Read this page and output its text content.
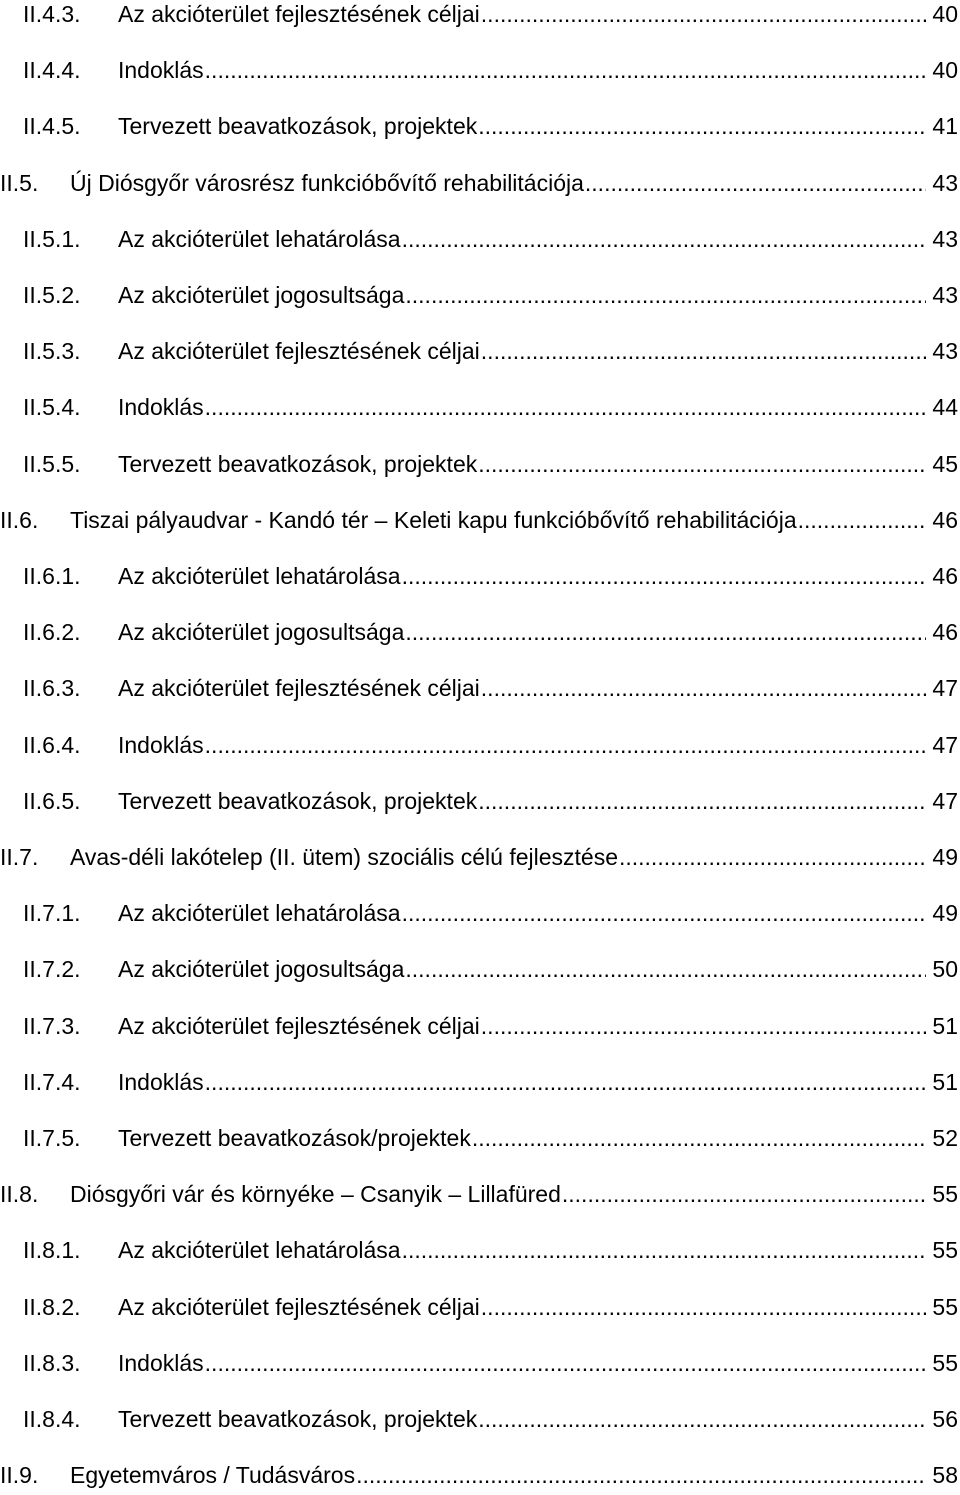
II.4.3. Az akcióterület fejlesztésének céljai .....	40
II.4.4. Indoklás .....	40
II.4.5. Tervezett beavatkozások, projektek .....	41
II.5. Új Diósgyőr városrész funkcióbővítő rehabilitációja .....	43
II.5.1. Az akcióterület lehatárolása .....	43
II.5.2. Az akcióterület jogosultsága .....	43
II.5.3. Az akcióterület fejlesztésének céljai .....	43
II.5.4. Indoklás .....	44
II.5.5. Tervezett beavatkozások, projektek .....	45
II.6. Tiszai pályaudvar - Kandó tér – Keleti kapu funkcióbővítő rehabilitációja .....	46
II.6.1. Az akcióterület lehatárolása .....	46
II.6.2. Az akcióterület jogosultsága .....	46
II.6.3. Az akcióterület fejlesztésének céljai .....	47
II.6.4. Indoklás .....	47
II.6.5. Tervezett beavatkozások, projektek .....	47
II.7. Avas-déli lakótelep (II. ütem) szociális célú fejlesztése .....	49
II.7.1. Az akcióterület lehatárolása .....	49
II.7.2. Az akcióterület jogosultsága .....	50
II.7.3. Az akcióterület fejlesztésének céljai .....	51
II.7.4. Indoklás .....	51
II.7.5. Tervezett beavatkozások/projektek .....	52
II.8. Diósgyőri vár és környéke – Csanyik – Lillafüred .....	55
II.8.1. Az akcióterület lehatárolása .....	55
II.8.2. Az akcióterület fejlesztésének céljai .....	55
II.8.3. Indoklás .....	55
II.8.4. Tervezett beavatkozások, projektek .....	56
II.9. Egyetemváros / Tudásváros .....	58
